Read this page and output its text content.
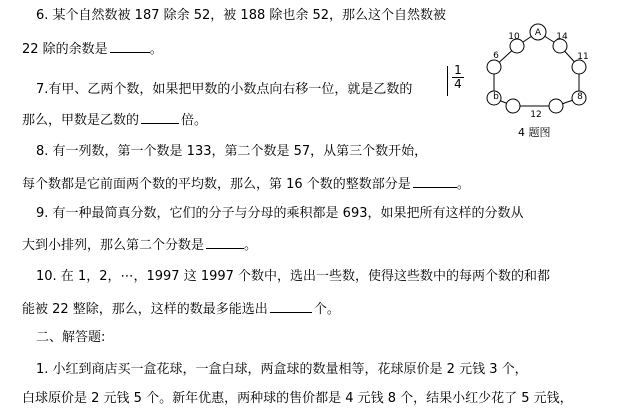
6. 某个自然数被 187 除余 52，被 188 除也余 52，那么这个自然数被
22 除的余数是	。
7.有甲、乙两个数，如果把甲数的小数点向右移一位，就是乙数的	$\frac{1}{4}$
那么，甲数是乙数的	倍。
8. 有一列数，第一个数是 133，第二个数是 57，从第三个数开始，
每个数都是它前面两个数的平均数，那么，第 16 个数的整数部分是	。
9. 有一种最简真分数，它们的分子与分母的乘积都是 693，如果把所有这样的分数从
大到小排列，那么第二个分数是	。
10. 在 1，2，⋯，1997 这 1997 个数中，选出一些数，使得这些数中的每两个数的和都
能被 22 整除，那么，这样的数最多能选出	个。
二、解答题:
1. 小红到商店买一盒花球，一盒白球，两盒球的数量相等，花球原价是 2 元钱 3 个，
白球原价是 2 元钱 5 个。新年优惠，两种球的售价都是 4 元钱 8 个，结果小红少花了 5 元钱，
10 A 14
6	11
b	8
12
4 题图
